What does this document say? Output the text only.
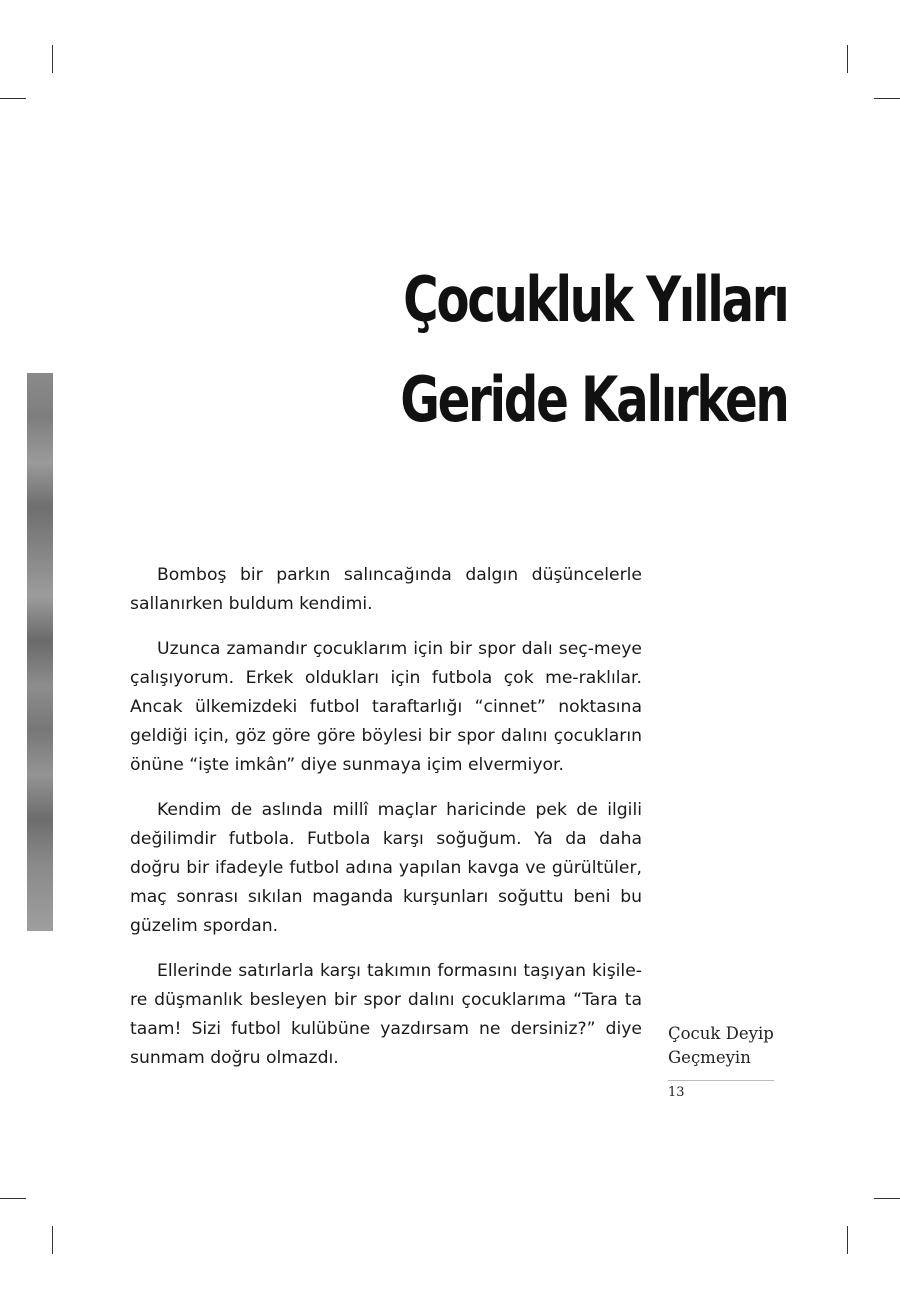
Çocukluk Yılları
Geride Kalırken

Bomboş bir parkın salıncağında dalgın düşüncelerle sallanırken buldum kendimi.

Uzunca zamandır çocuklarım için bir spor dalı seç-meye çalışıyorum. Erkek oldukları için futbola çok me-raklılar. Ancak ülkemizdeki futbol taraftarlığı “cinnet” noktasına geldiği için, göz göre göre böylesi bir spor dalını çocukların önüne “işte imkân” diye sunmaya içim elvermiyor.

Kendim de aslında millî maçlar haricinde pek de ilgili değilimdir futbola. Futbola karşı soğuğum. Ya da daha doğru bir ifadeyle futbol adına yapılan kavga ve gürültüler, maç sonrası sıkılan maganda kurşunları soğuttu beni bu güzelim spordan.

Ellerinde satırlarla karşı takımın formasını taşıyan kişile-re düşmanlık besleyen bir spor dalını çocuklarıma “Tara ta taam! Sizi futbol kulübüne yazdırsam ne dersiniz?” diye sunmam doğru olmazdı.

Çocuk Deyip
Geçmeyin
13
